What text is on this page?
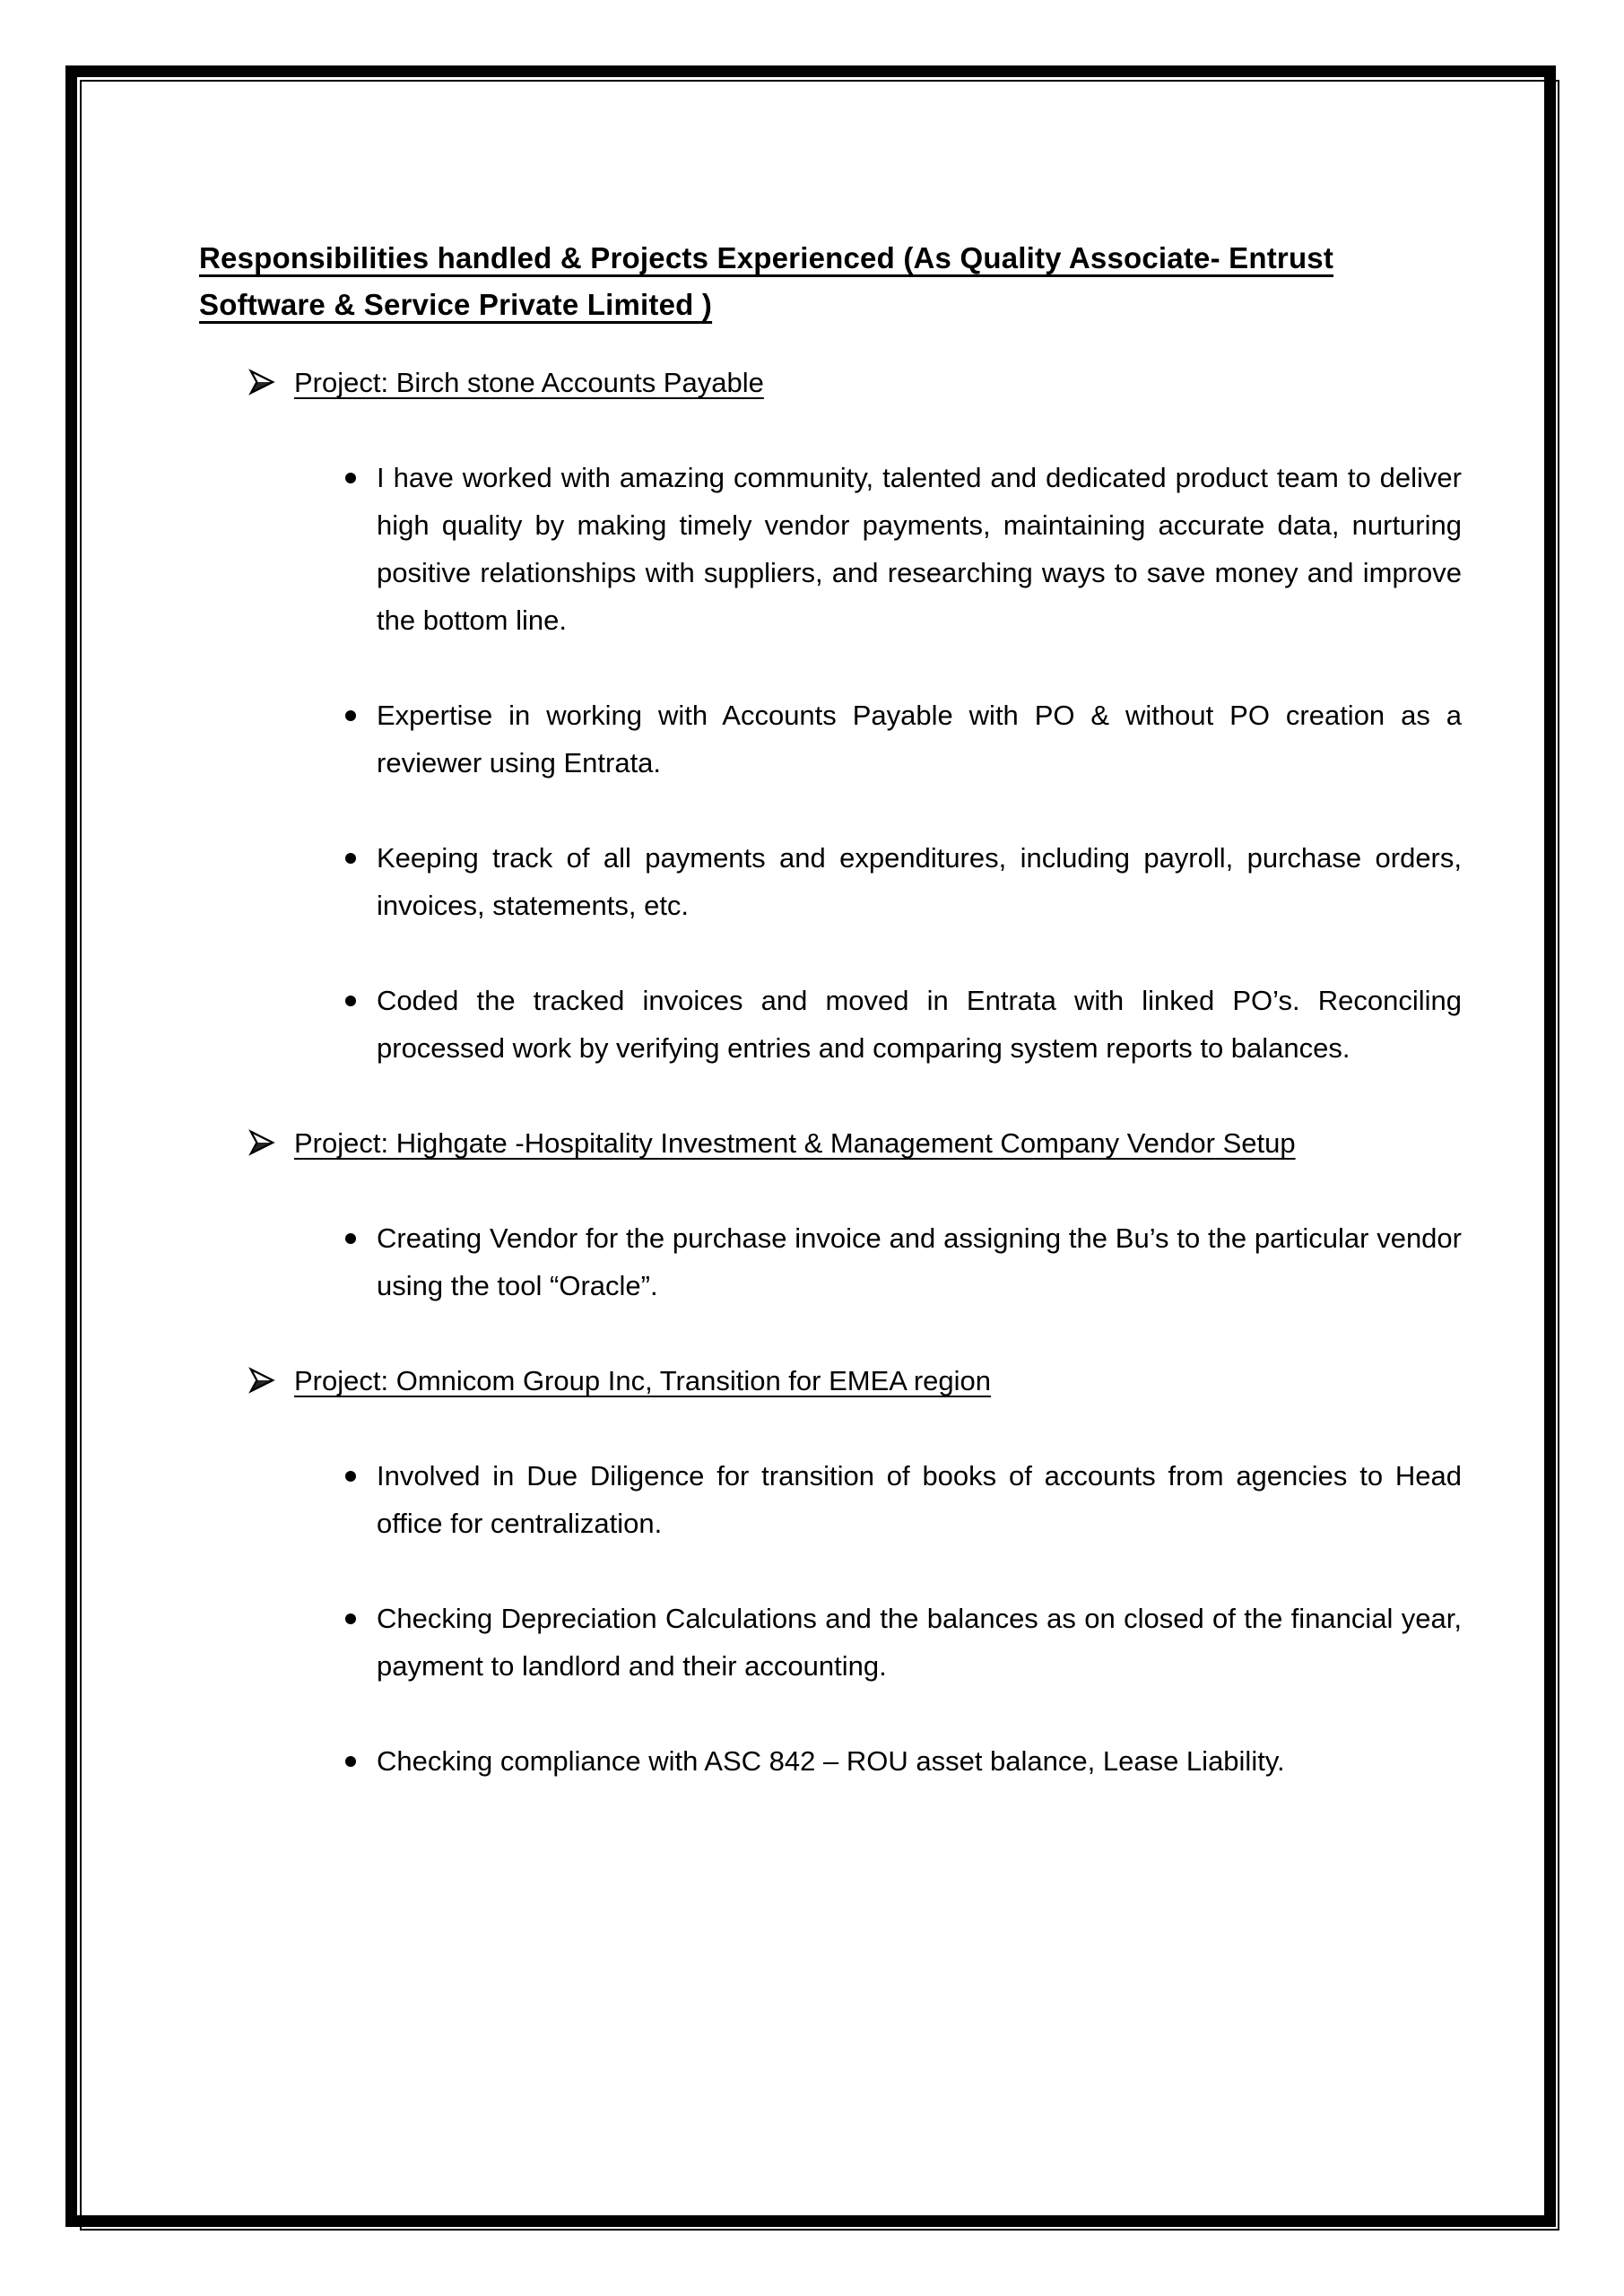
Responsibilities handled & Projects Experienced (As Quality Associate- Entrust
Software & Service Private Limited )
Project: Birch stone Accounts Payable

I have worked with amazing community, talented and dedicated product team to deliver high quality by making timely vendor payments, maintaining accurate data, nurturing positive relationships with suppliers, and researching ways to save money and improve the bottom line.

Expertise in working with Accounts Payable with PO & without PO creation as a reviewer using Entrata.

Keeping track of all payments and expenditures, including payroll, purchase orders, invoices, statements, etc.

Coded the tracked invoices and moved in Entrata with linked PO’s. Reconciling processed work by verifying entries and comparing system reports to balances.

Project: Highgate -Hospitality Investment & Management Company Vendor Setup

Creating Vendor for the purchase invoice and assigning the Bu’s to the particular vendor using the tool “Oracle”.

Project: Omnicom Group Inc, Transition for EMEA region

Involved in Due Diligence for transition of books of accounts from agencies to Head office for centralization.

Checking Depreciation Calculations and the balances as on closed of the financial year, payment to landlord and their accounting.

Checking compliance with ASC 842 – ROU asset balance, Lease Liability.
